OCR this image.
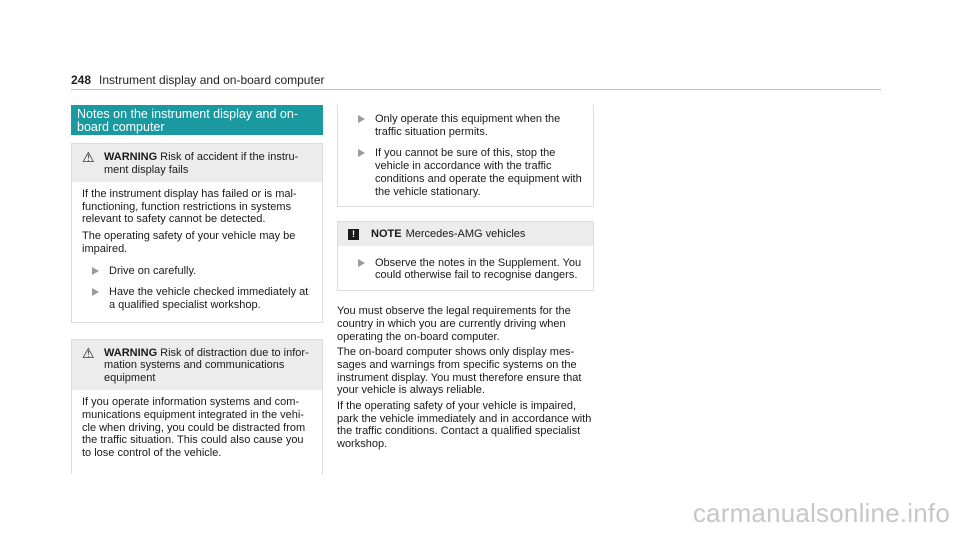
248 Instrument display and on-board computer
Notes on the instrument display and on-board computer
⚠ WARNING Risk of accident if the instru- ment display fails

If the instrument display has failed or is mal- functioning, function restrictions in systems relevant to safety cannot be detected.

The operating safety of your vehicle may be impaired.

Drive on carefully.
Have the vehicle checked immediately at a qualified specialist workshop.
⚠ WARNING Risk of distraction due to infor- mation systems and communications equipment

If you operate information systems and com- munications equipment integrated in the vehi- cle when driving, you could be distracted from the traffic situation. This could also cause you to lose control of the vehicle.

Only operate this equipment when the traffic situation permits.
If you cannot be sure of this, stop the vehicle in accordance with the traffic conditions and operate the equipment with the vehicle stationary.
!	NOTE Mercedes-AMG vehicles
Observe the notes in the Supplement. You could otherwise fail to recognise dangers.

You must observe the legal requirements for the country in which you are currently driving when operating the on-board computer.

The on-board computer shows only display mes- sages and warnings from specific systems on the instrument display. You must therefore ensure that your vehicle is always reliable.

If the operating safety of your vehicle is impaired, park the vehicle immediately and in accordance with the traffic conditions. Contact a qualified specialist workshop.

carmanualsonline.info
